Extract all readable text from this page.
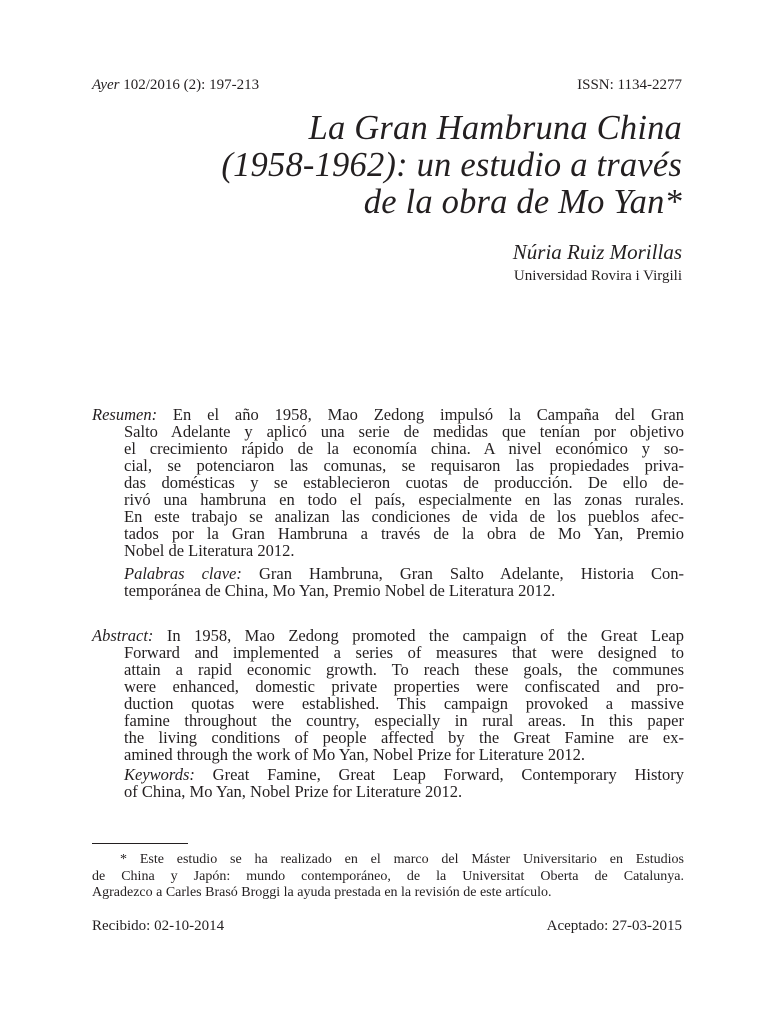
Ayer 102/2016 (2): 197-213	ISSN: 1134-2277
La Gran Hambruna China
(1958-1962): un estudio a través
de la obra de Mo Yan*
Núria Ruiz Morillas
Universidad Rovira i Virgili
Resumen: En el año 1958, Mao Zedong impulsó la Campaña del Gran
Salto Adelante y aplicó una serie de medidas que tenían por objetivo
el crecimiento rápido de la economía china. A nivel económico y so-
cial, se potenciaron las comunas, se requisaron las propiedades priva-
das domésticas y se establecieron cuotas de producción. De ello de-
rivó una hambruna en todo el país, especialmente en las zonas rurales.
En este trabajo se analizan las condiciones de vida de los pueblos afec-
tados por la Gran Hambruna a través de la obra de Mo Yan, Premio
Nobel de Literatura 2012.
Palabras clave: Gran Hambruna, Gran Salto Adelante, Historia Con-
temporánea de China, Mo Yan, Premio Nobel de Literatura 2012.
Abstract: In 1958, Mao Zedong promoted the campaign of the Great Leap
Forward and implemented a series of measures that were designed to
attain a rapid economic growth. To reach these goals, the communes
were enhanced, domestic private properties were confiscated and pro-
duction quotas were established. This campaign provoked a massive
famine throughout the country, especially in rural areas. In this paper
the living conditions of people affected by the Great Famine are ex-
amined through the work of Mo Yan, Nobel Prize for Literature 2012.
Keywords: Great Famine, Great Leap Forward, Contemporary History
of China, Mo Yan, Nobel Prize for Literature 2012.
* Este estudio se ha realizado en el marco del Máster Universitario en Estudios
de China y Japón: mundo contemporáneo, de la Universitat Oberta de Catalunya.
Agradezco a Carles Brasó Broggi la ayuda prestada en la revisión de este artículo.
Recibido: 02-10-2014	Aceptado: 27-03-2015
